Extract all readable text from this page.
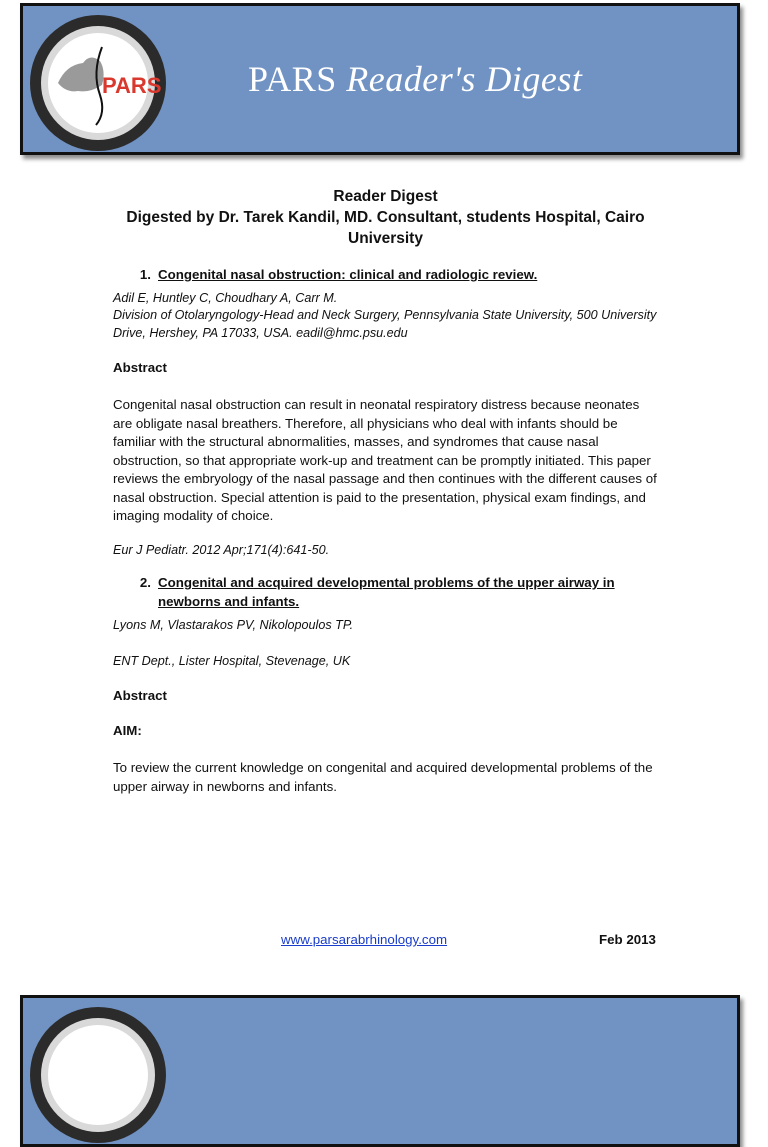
PARS PARS Reader's Digest
Reader Digest
Digested by Dr. Tarek Kandil, MD. Consultant, students Hospital, Cairo University
1. Congenital nasal obstruction: clinical and radiologic review.
Adil E, Huntley C, Choudhary A, Carr M.
Division of Otolaryngology-Head and Neck Surgery, Pennsylvania State University, 500 University Drive, Hershey, PA 17033, USA. eadil@hmc.psu.edu
Abstract
Congenital nasal obstruction can result in neonatal respiratory distress because neonates are obligate nasal breathers. Therefore, all physicians who deal with infants should be familiar with the structural abnormalities, masses, and syndromes that cause nasal obstruction, so that appropriate work-up and treatment can be promptly initiated. This paper reviews the embryology of the nasal passage and then continues with the different causes of nasal obstruction. Special attention is paid to the presentation, physical exam findings, and imaging modality of choice.
Eur J Pediatr. 2012 Apr;171(4):641-50.
2. Congenital and acquired developmental problems of the upper airway in newborns and infants.
Lyons M, Vlastarakos PV, Nikolopoulos TP.
ENT Dept., Lister Hospital, Stevenage, UK
Abstract
AIM:
To review the current knowledge on congenital and acquired developmental problems of the upper airway in newborns and infants.
www.parsarabrhinology.com	Feb 2013
